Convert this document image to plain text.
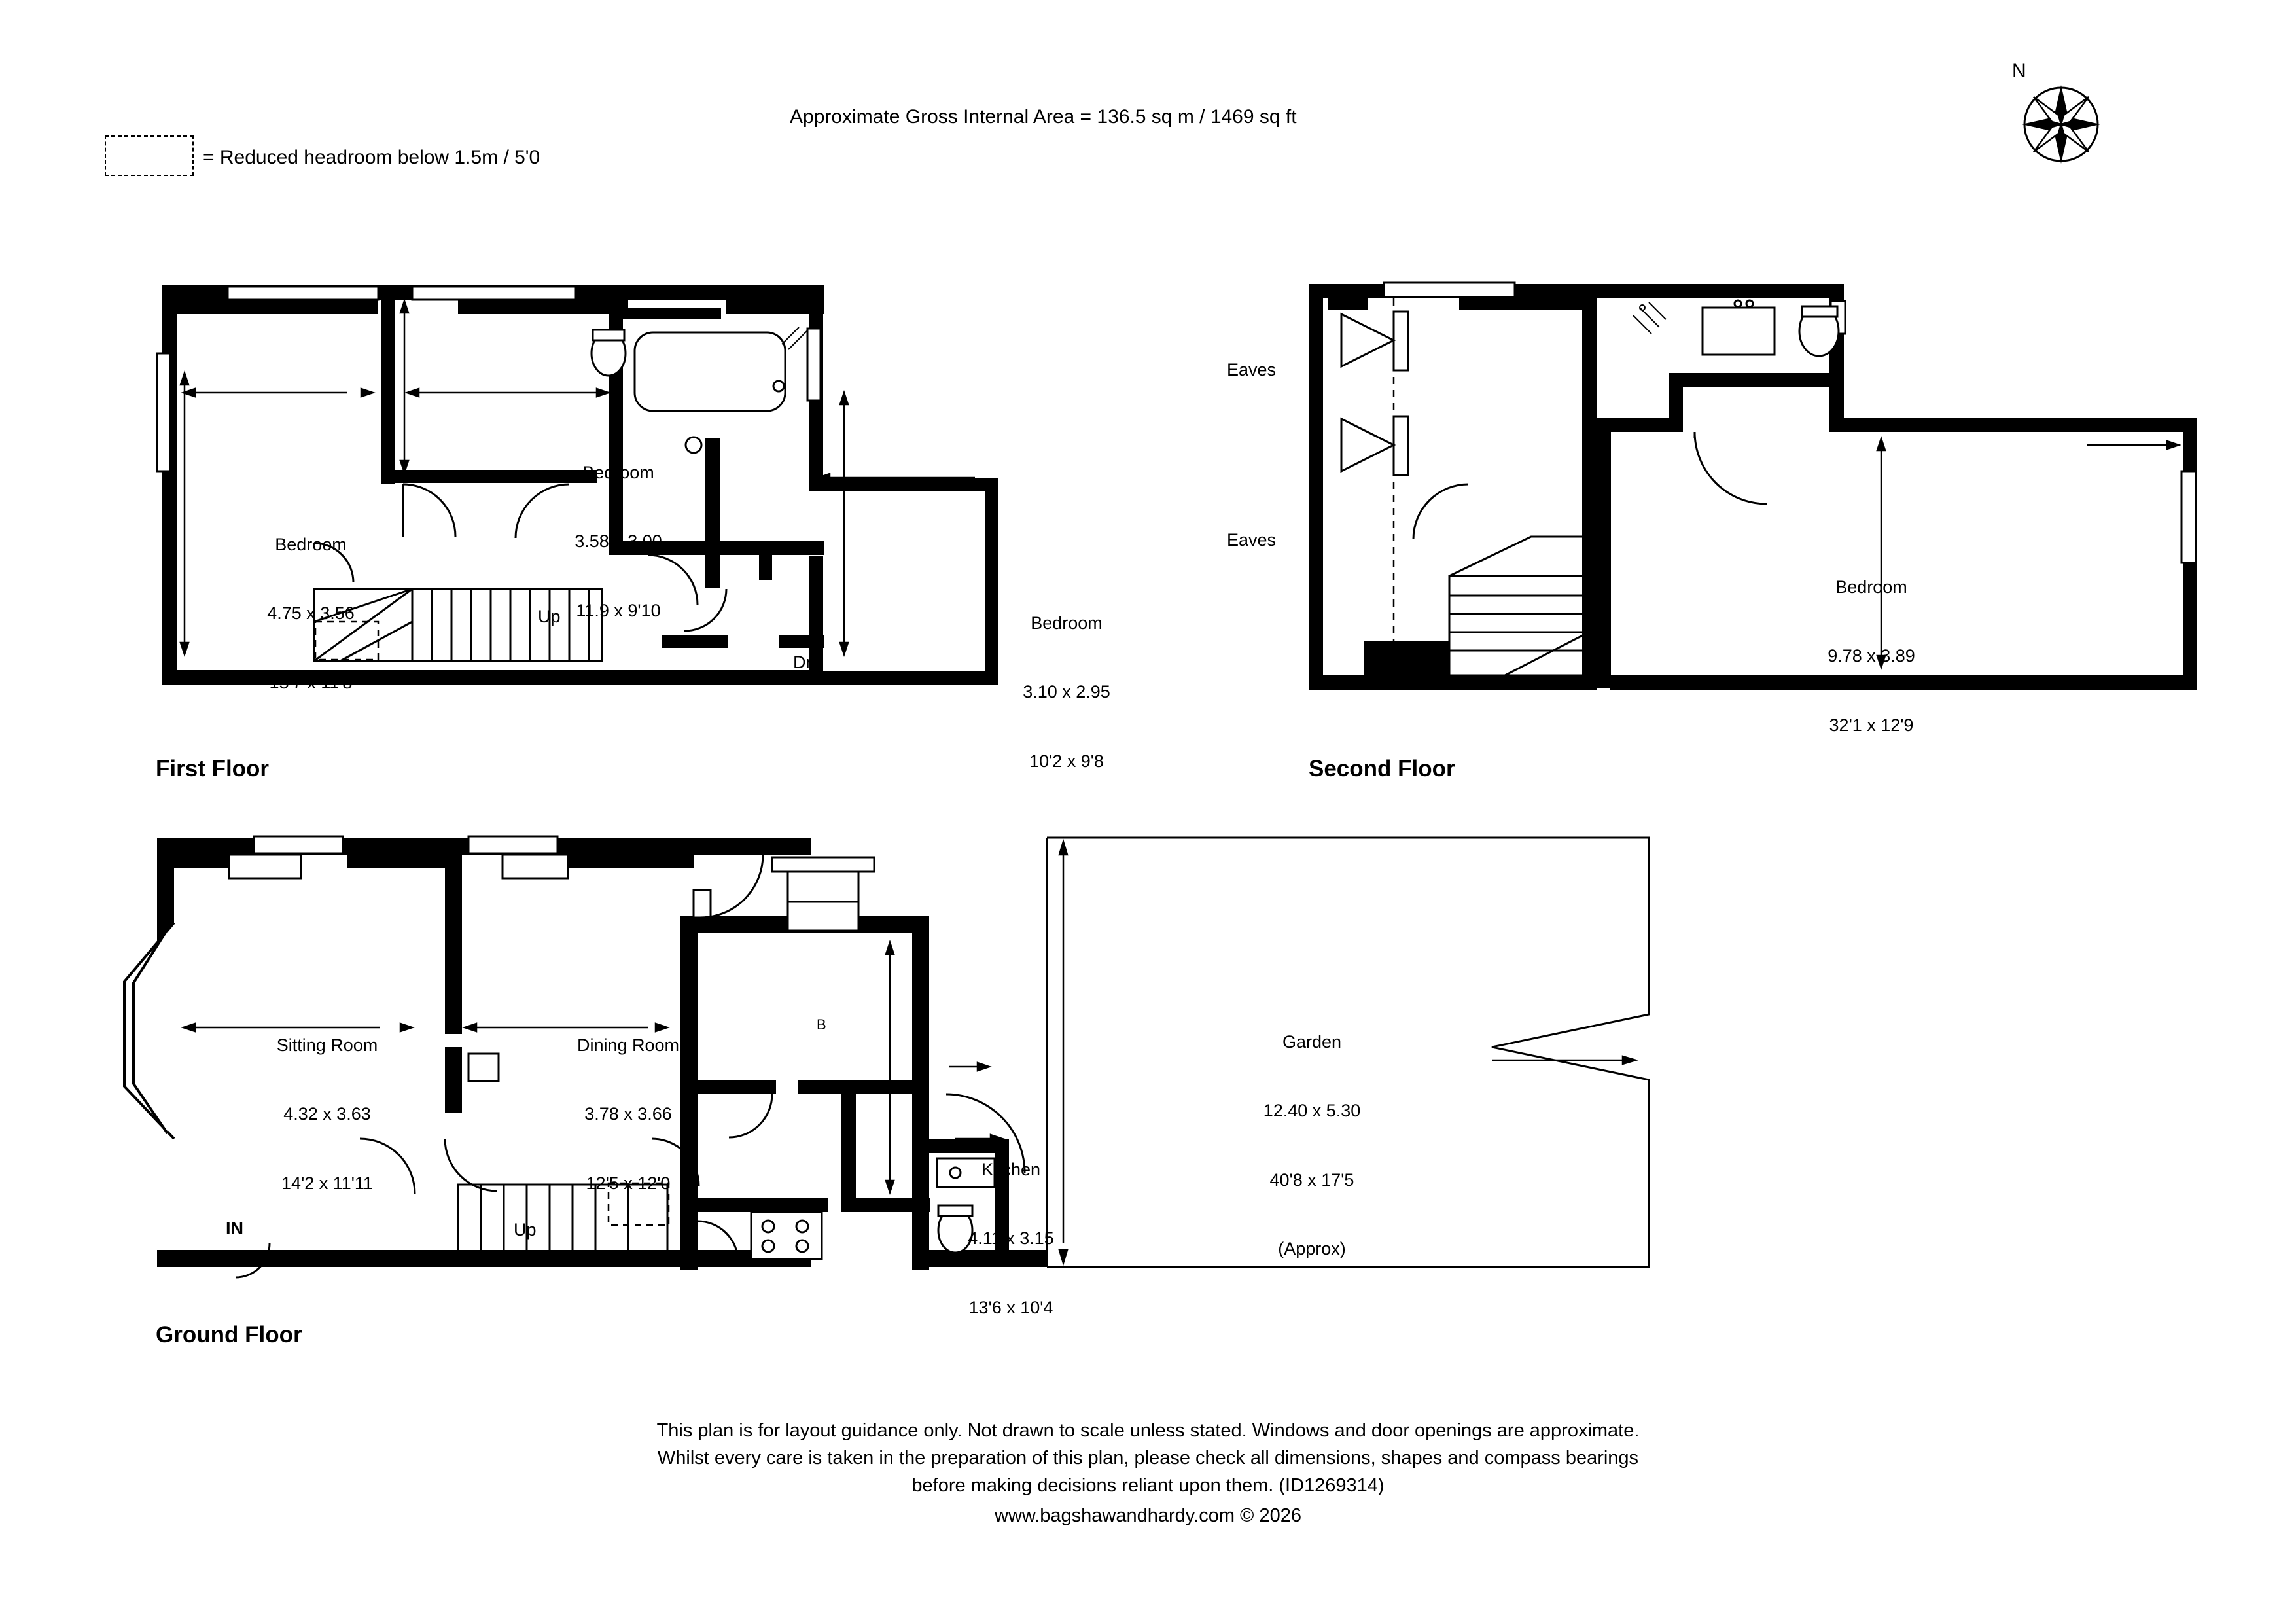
Approximate Gross Internal Area = 136.5 sq m / 1469 sq ft
= Reduced headroom below 1.5m / 5'0
N

Bedroom

4.75 x 3.56

15'7 x 11'8

Bedroom

3.58 x 3.00

11.9 x 9'10

Bedroom

3.10 x 2.95

10'2 x 9'8

Up
Dn
First Floor
Eaves
Eaves
Dn

Bedroom

9.78 x 3.89

32'1 x 12'9

Second Floor

Sitting Room

4.32 x 3.63

14'2 x 11'11

Dining Room

3.78 x 3.66

12'5 x 12'0

Kitchen

4.11 x 3.15

13'6 x 10'4

Garden

12.40 x 5.30

40'8 x 17'5

(Approx)

IN	Up
B
Ground Floor
This plan is for layout guidance only. Not drawn to scale unless stated. Windows and door openings are approximate.
Whilst every care is taken in the preparation of this plan, please check all dimensions, shapes and compass bearings
before making decisions reliant upon them. (ID1269314)
www.bagshawandhardy.com © 2026
